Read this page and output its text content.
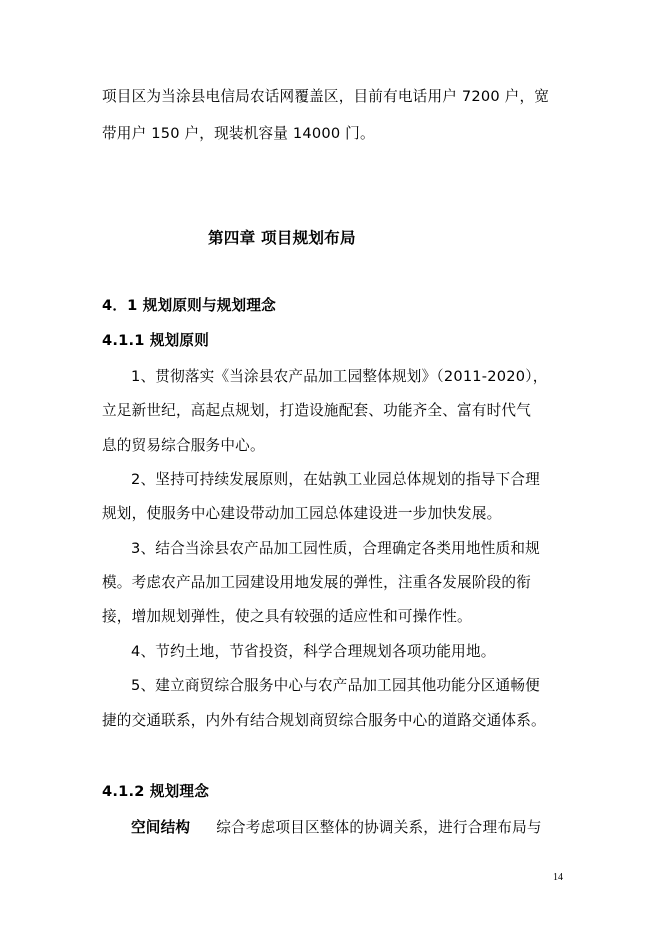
项目区为当涂县电信局农话网覆盖区，目前有电话用户 7200 户，宽
带用户 150 户，现装机容量 14000 门。
第四章 项目规划布局
4．1 规划原则与规划理念
4.1.1 规划原则
1、贯彻落实《当涂县农产品加工园整体规划》（2011-2020），
立足新世纪，高起点规划，打造设施配套、功能齐全、富有时代气
息的贸易综合服务中心。
2、坚持可持续发展原则，在姑孰工业园总体规划的指导下合理
规划，使服务中心建设带动加工园总体建设进一步加快发展。
3、结合当涂县农产品加工园性质，合理确定各类用地性质和规
模。考虑农产品加工园建设用地发展的弹性，注重各发展阶段的衔
接，增加规划弹性，使之具有较强的适应性和可操作性。
4、节约土地，节省投资，科学合理规划各项功能用地。
5、建立商贸综合服务中心与农产品加工园其他功能分区通畅便
捷的交通联系，内外有结合规划商贸综合服务中心的道路交通体系。
4.1.2 规划理念
空间结构 综合考虑项目区整体的协调关系，进行合理布局与
14
